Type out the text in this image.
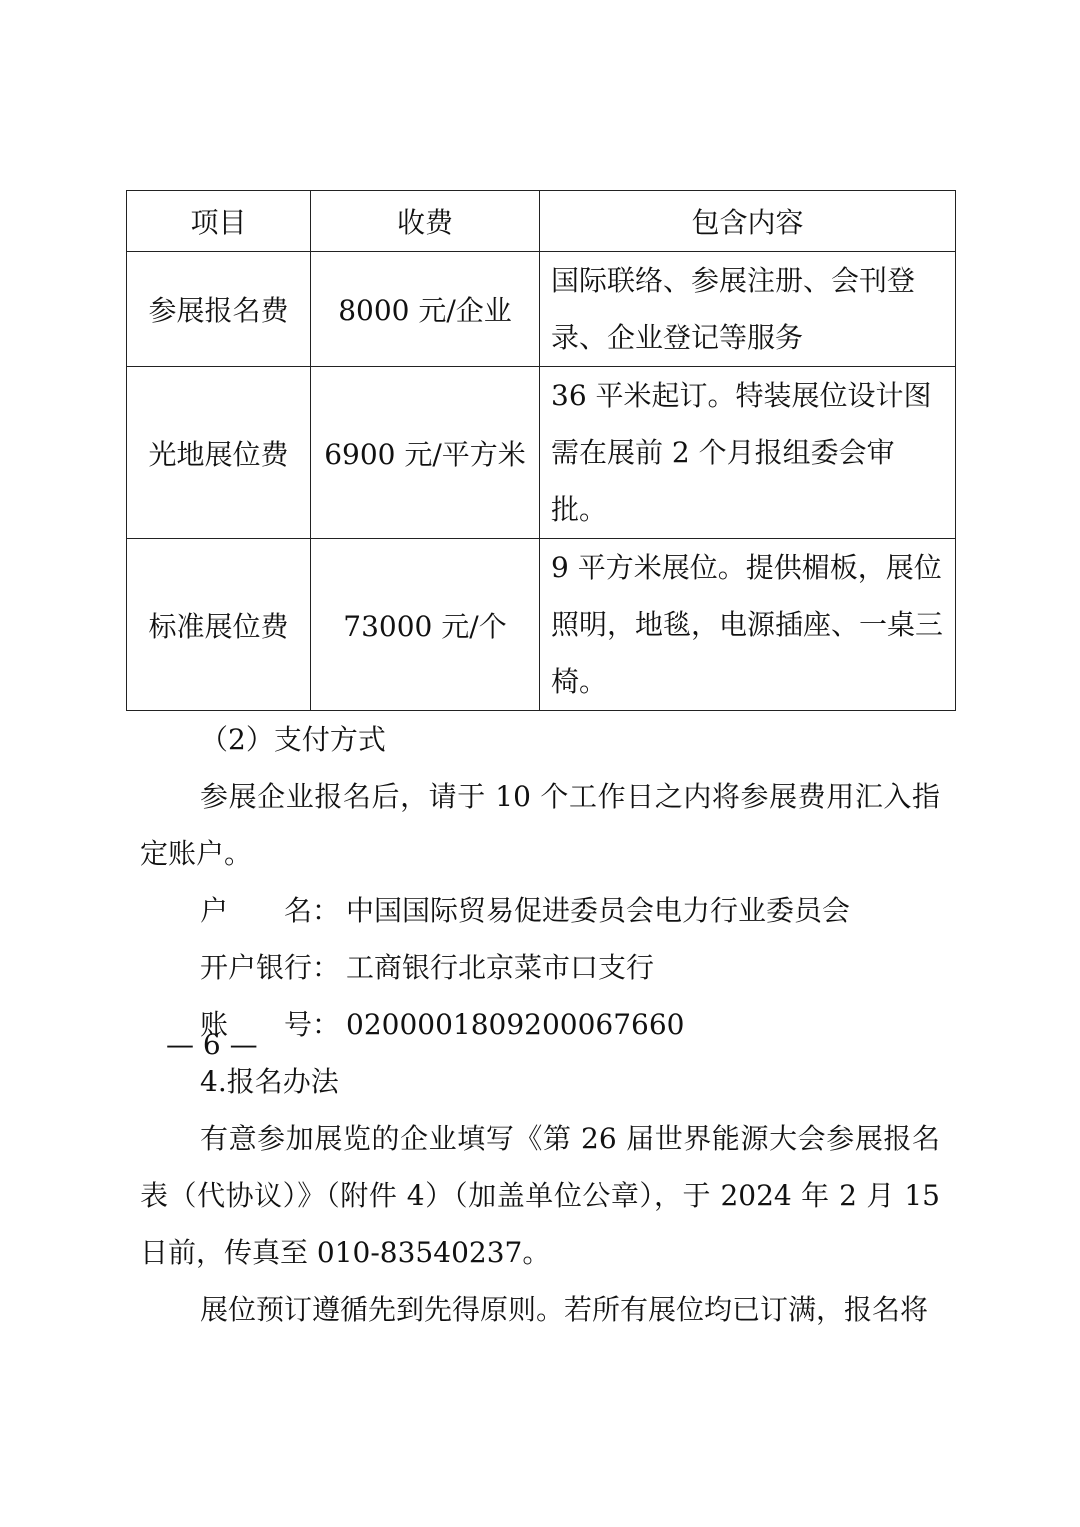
项目	收费	包含内容
参展报名费	8000 元/企业	国际联络、参展注册、会刊登录、企业登记等服务
光地展位费	6900 元/平方米	36 平米起订。特装展位设计图需在展前 2 个月报组委会审批。
标准展位费	73000 元/个	9 平方米展位。提供楣板，展位照明，地毯，电源插座、一桌三椅。

（2）支付方式

参展企业报名后，请于 10 个工作日之内将参展费用汇入指定账户。

户　　名： 中国国际贸易促进委员会电力行业委员会

开户银行： 工商银行北京菜市口支行

账　　号： 0200001809200067660

4.报名办法

有意参加展览的企业填写《第 26 届世界能源大会参展报名表（代协议）》（附件 4）（加盖单位公章），于 2024 年 2 月 15 日前，传真至 010-83540237。

展位预订遵循先到先得原则。若所有展位均已订满，报名将

— 6 —
